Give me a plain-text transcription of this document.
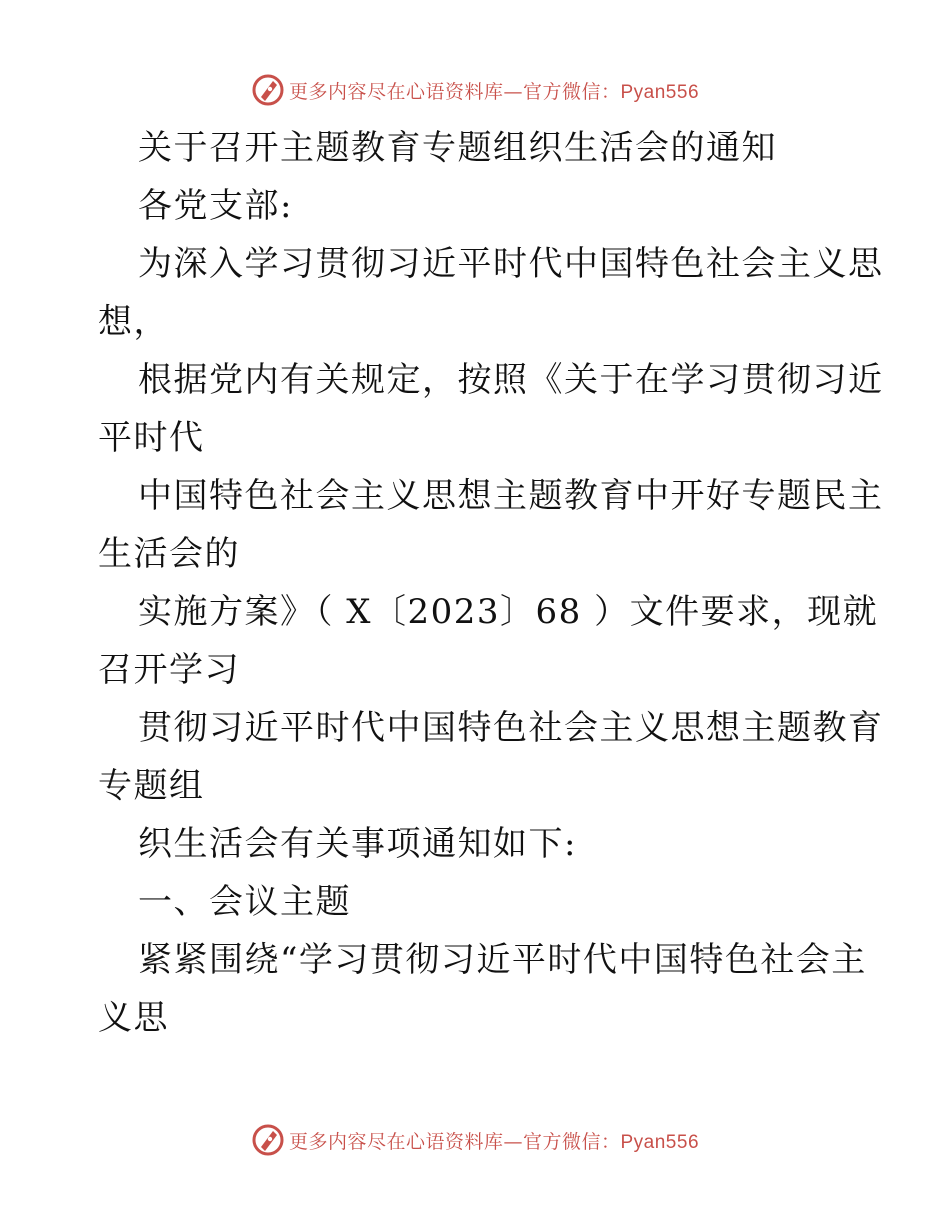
更多内容尽在心语资料库—官方微信：Pyan556
关于召开主题教育专题组织生活会的通知
各党支部:
为深入学习贯彻习近平时代中国特色社会主义思
想，
根据党内有关规定，按照《关于在学习贯彻习近
平时代
中国特色社会主义思想主题教育中开好专题民主
生活会的
实施方案》（ X〔2023〕68 ）文件要求，现就
召开学习
贯彻习近平时代中国特色社会主义思想主题教育
专题组
织生活会有关事项通知如下:
一、会议主题
紧紧围绕“学习贯彻习近平时代中国特色社会主
义思
更多内容尽在心语资料库—官方微信：Pyan556
